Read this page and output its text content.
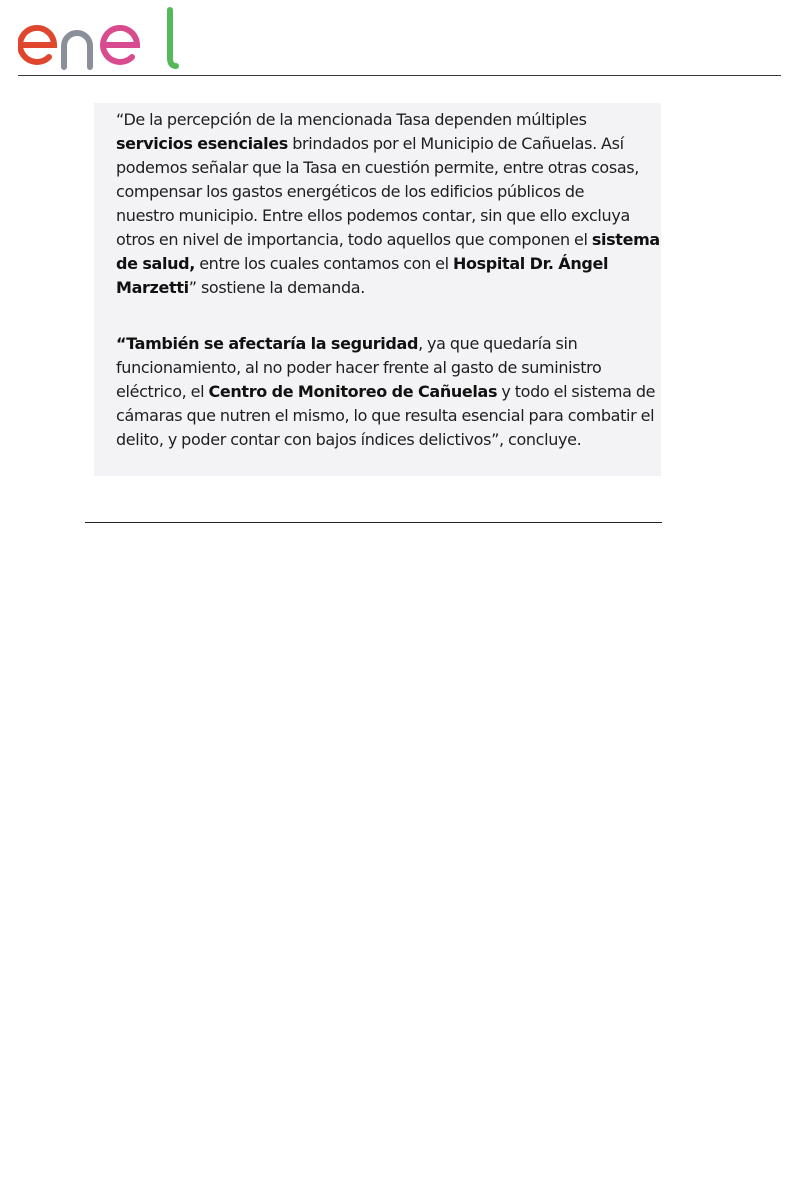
“De la percepción de la mencionada Tasa dependen múltiples
servicios esenciales brindados por el Municipio de Cañuelas. Así
podemos señalar que la Tasa en cuestión permite, entre otras cosas,
compensar los gastos energéticos de los edificios públicos de
nuestro municipio. Entre ellos podemos contar, sin que ello excluya
otros en nivel de importancia, todo aquellos que componen el sistema
de salud, entre los cuales contamos con el Hospital Dr. Ángel
Marzetti” sostiene la demanda.

“También se afectaría la seguridad, ya que quedaría sin
funcionamiento, al no poder hacer frente al gasto de suministro
eléctrico, el Centro de Monitoreo de Cañuelas y todo el sistema de
cámaras que nutren el mismo, lo que resulta esencial para combatir el
delito, y poder contar con bajos índices delictivos”, concluye.
